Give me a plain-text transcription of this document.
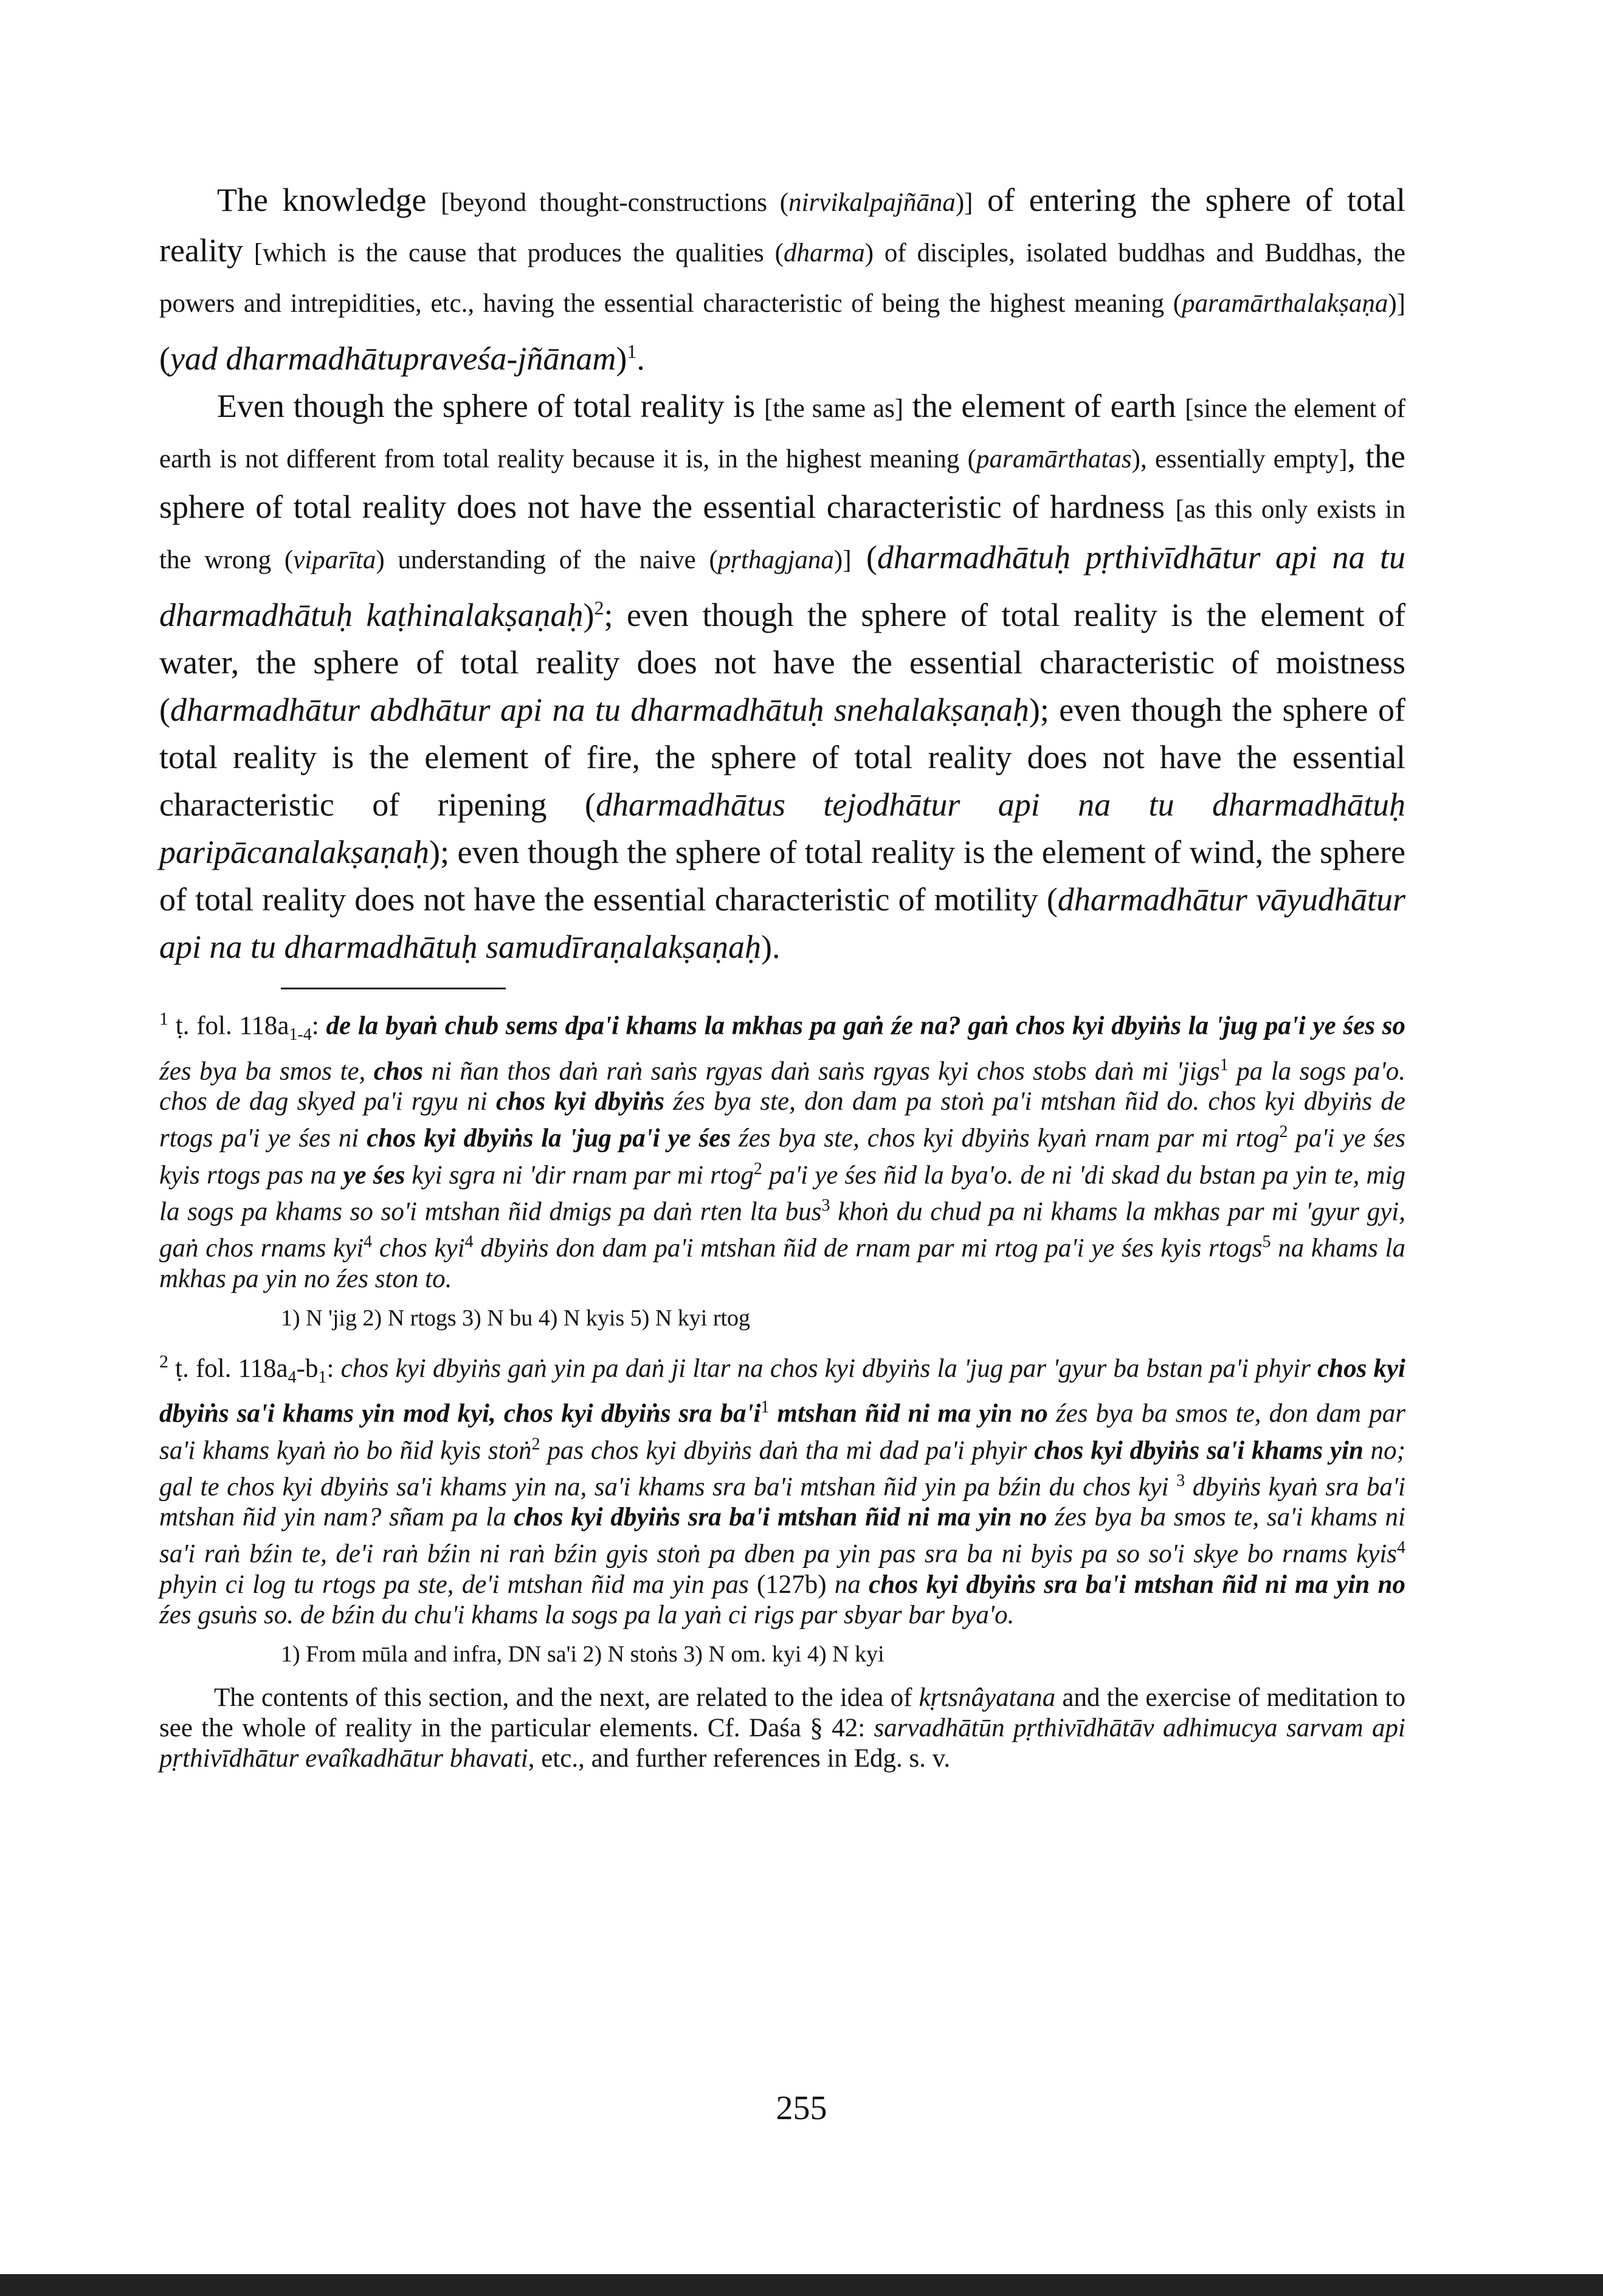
The knowledge [beyond thought-constructions (nirvikalpajñāna)] of entering the sphere of total reality [which is the cause that produces the qualities (dharma) of disciples, isolated buddhas and Buddhas, the powers and intrepidities, etc., having the essential characteristic of being the highest meaning (paramārthalakṣaṇa)] (yad dharmadhātupraveśa-jñānam)$^1$.

Even though the sphere of total reality is [the same as] the element of earth [since the element of earth is not different from total reality because it is, in the highest meaning (paramārthatas), essentially empty], the sphere of total reality does not have the essential characteristic of hardness [as this only exists in the wrong (viparīta) understanding of the naive (pṛthagjana)] (dharmadhātuḥ pṛthivīdhātur api na tu dharmadhātuḥ kaṭhinalakṣaṇaḥ)$^2$; even though the sphere of total reality is the element of water, the sphere of total reality does not have the essential characteristic of moistness (dharmadhātur abdhātur api na tu dharmadhātuḥ snehalakṣaṇaḥ); even though the sphere of total reality is the element of fire, the sphere of total reality does not have the essential characteristic of ripening (dharmadhātus tejodhātur api na tu dharmadhātuḥ paripācanalakṣaṇaḥ); even though the sphere of total reality is the element of wind, the sphere of total reality does not have the essential characteristic of motility (dharmadhātur vāyudhātur api na tu dharmadhātuḥ samudīraṇalakṣaṇaḥ).

$^1$ ṭ. fol. $118a_{1-4}$: de la byaṅ chub sems dpa'i khams la mkhas pa gaṅ źe na? gaṅ chos kyi dbyiṅs la 'jug pa'i ye śes so źes bya ba smos te, chos ni ñan thos daṅ raṅ saṅs rgyas daṅ saṅs rgyas kyi chos stobs daṅ mi 'jigs$^1$ pa la sogs pa'o. chos de dag skyed pa'i rgyu ni chos kyi dbyiṅs źes bya ste, don dam pa stoṅ pa'i mtshan ñid do. chos kyi dbyiṅs de rtogs pa'i ye śes ni chos kyi dbyiṅs la 'jug pa'i ye śes źes bya ste, chos kyi dbyiṅs kyaṅ rnam par mi rtog$^2$ pa'i ye śes kyis rtogs pas na ye śes kyi sgra ni 'dir rnam par mi rtog$^2$ pa'i ye śes ñid la bya'o. de ni 'di skad du bstan pa yin te, mig la sogs pa khams so so'i mtshan ñid dmigs pa daṅ rten lta bus$^3$ khoṅ du chud pa ni khams la mkhas par mi 'gyur gyi, gaṅ chos rnams kyi$^4$ chos kyi$^4$ dbyiṅs don dam pa'i mtshan ñid de rnam par mi rtog pa'i ye śes kyis rtogs$^5$ na khams la mkhas pa yin no źes ston to.

1) N 'jig 2) N rtogs 3) N bu 4) N kyis 5) N kyi rtog

$^2$ ṭ. fol. $118a_4-b_1$: chos kyi dbyiṅs gaṅ yin pa daṅ ji ltar na chos kyi dbyiṅs la 'jug par 'gyur ba bstan pa'i phyir chos kyi dbyiṅs sa'i khams yin mod kyi, chos kyi dbyiṅs sra $ba'i^1$ mtshan ñid ni ma yin no źes bya ba smos te, don dam par sa'i khams kyaṅ ṅo bo ñid kyis stoṅ$^2$ pas chos kyi dbyiṅs daṅ tha mi dad pa'i phyir chos kyi dbyiṅs sa'i khams yin no; gal te chos kyi dbyiṅs sa'i khams yin na, sa'i khams sra ba'i mtshan ñid yin pa bźin du chos kyi $^3$ dbyiṅs kyaṅ sra ba'i mtshan ñid yin nam? sñam pa la chos kyi dbyiṅs sra ba'i mtshan ñid ni ma yin no źes bya ba smos te, sa'i khams ni sa'i raṅ bźin te, de'i raṅ bźin ni raṅ bźin gyis stoṅ pa dben pa yin pas sra ba ni byis pa so so'i skye bo rnams kyis$^4$ phyin ci log tu rtogs pa ste, de'i mtshan ñid ma yin pas (127b) na chos kyi dbyiṅs sra ba'i mtshan ñid ni ma yin no źes gsuṅs so. de bźin du chu'i khams la sogs pa la yaṅ ci rigs par sbyar bar bya'o.

1) From mūla and infra, DN sa'i 2) N stoṅs 3) N om. kyi 4) N kyi

The contents of this section, and the next, are related to the idea of kṛtsnâyatana and the exercise of meditation to see the whole of reality in the particular elements. Cf. Daśa § 42: sarvadhātūn pṛthivīdhātāv adhimucya sarvam api pṛthivīdhātur evaîkadhātur bhavati, etc., and further references in Edg. s. v.

255
